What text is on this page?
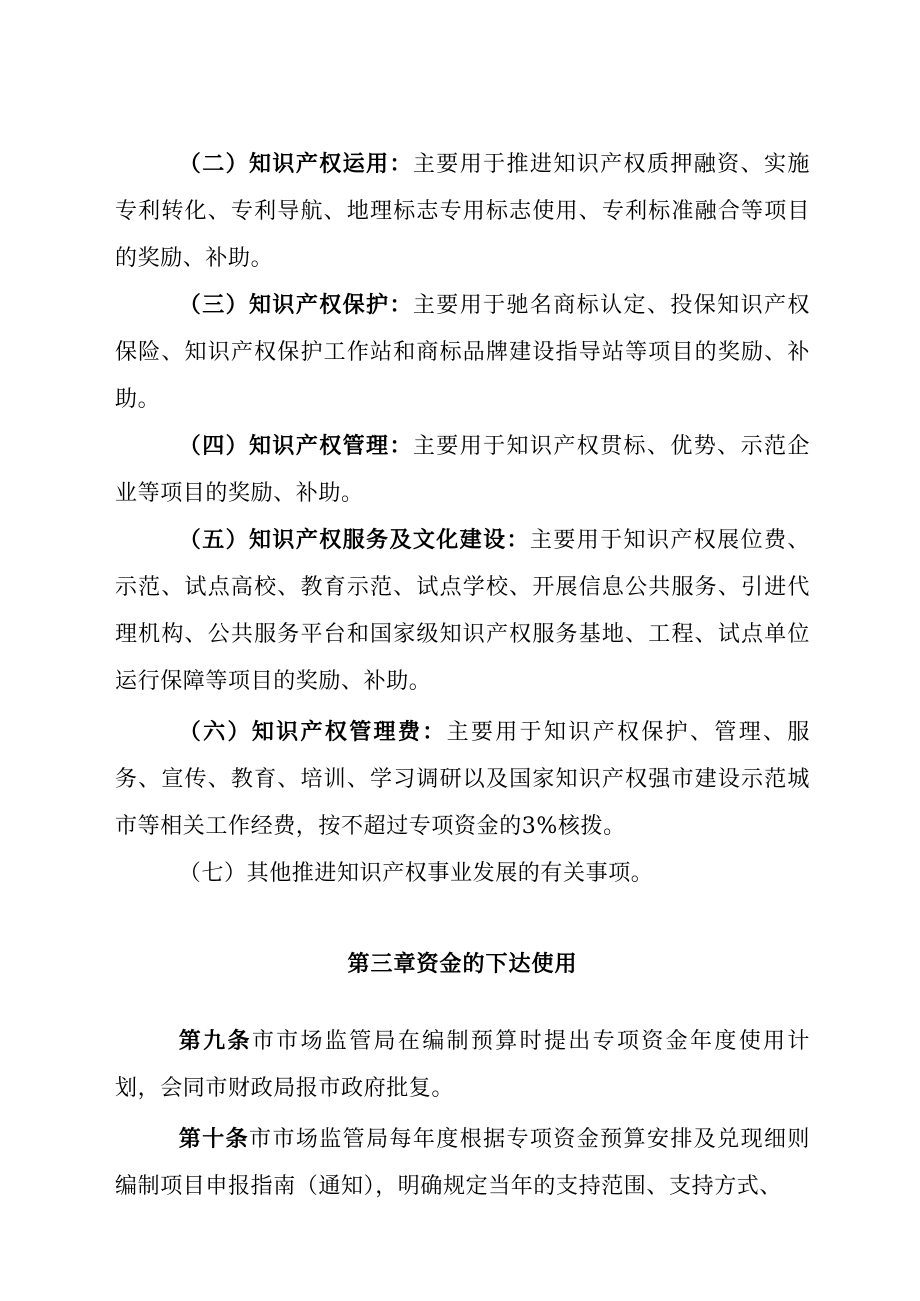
（二）知识产权运用：主要用于推进知识产权质押融资、实施专利转化、专利导航、地理标志专用标志使用、专利标准融合等项目的奖励、补助。

（三）知识产权保护：主要用于驰名商标认定、投保知识产权保险、知识产权保护工作站和商标品牌建设指导站等项目的奖励、补助。

（四）知识产权管理：主要用于知识产权贯标、优势、示范企业等项目的奖励、补助。

（五）知识产权服务及文化建设：主要用于知识产权展位费、示范、试点高校、教育示范、试点学校、开展信息公共服务、引进代理机构、公共服务平台和国家级知识产权服务基地、工程、试点单位运行保障等项目的奖励、补助。

（六）知识产权管理费：主要用于知识产权保护、管理、服务、宣传、教育、培训、学习调研以及国家知识产权强市建设示范城市等相关工作经费，按不超过专项资金的3%核拨。

（七）其他推进知识产权事业发展的有关事项。

第三章资金的下达使用

第九条市市场监管局在编制预算时提出专项资金年度使用计划，会同市财政局报市政府批复。

第十条市市场监管局每年度根据专项资金预算安排及兑现细则编制项目申报指南（通知），明确规定当年的支持范围、支持方式、
